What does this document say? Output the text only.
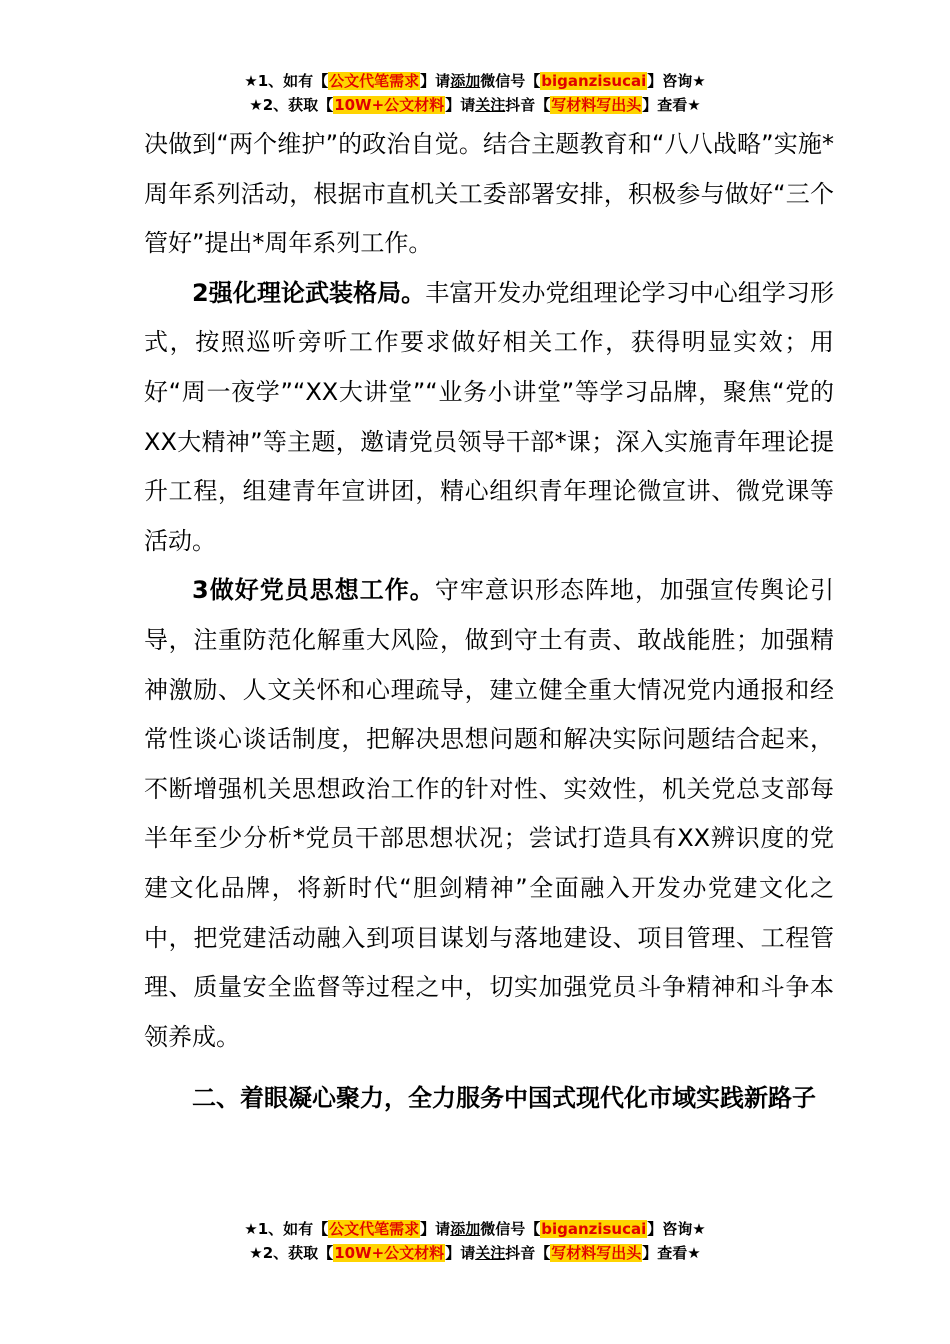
★1、如有【公文代笔需求】请添加微信号【biganzisucai】咨询★
★2、获取【10W+公文材料】请关注抖音【写材料写出头】查看★

决做到“两个维护”的政治自觉。结合主题教育和“八八战略”实施*周年系列活动，根据市直机关工委部署安排，积极参与做好“三个管好”提出*周年系列工作。

2强化理论武装格局。丰富开发办党组理论学习中心组学习形式，按照巡听旁听工作要求做好相关工作，获得明显实效；用好“周一夜学”“XX大讲堂”“业务小讲堂”等学习品牌，聚焦“党的XX大精神”等主题，邀请党员领导干部*课；深入实施青年理论提升工程，组建青年宣讲团，精心组织青年理论微宣讲、微党课等活动。

3做好党员思想工作。守牢意识形态阵地，加强宣传舆论引导，注重防范化解重大风险，做到守土有责、敢战能胜；加强精神激励、人文关怀和心理疏导，建立健全重大情况党内通报和经常性谈心谈话制度，把解决思想问题和解决实际问题结合起来，不断增强机关思想政治工作的针对性、实效性，机关党总支部每半年至少分析*党员干部思想状况；尝试打造具有XX辨识度的党建文化品牌，将新时代“胆剑精神”全面融入开发办党建文化之中，把党建活动融入到项目谋划与落地建设、项目管理、工程管理、质量安全监督等过程之中，切实加强党员斗争精神和斗争本领养成。

二、着眼凝心聚力，全力服务中国式现代化市域实践新路子

★1、如有【公文代笔需求】请添加微信号【biganzisucai】咨询★
★2、获取【10W+公文材料】请关注抖音【写材料写出头】查看★
